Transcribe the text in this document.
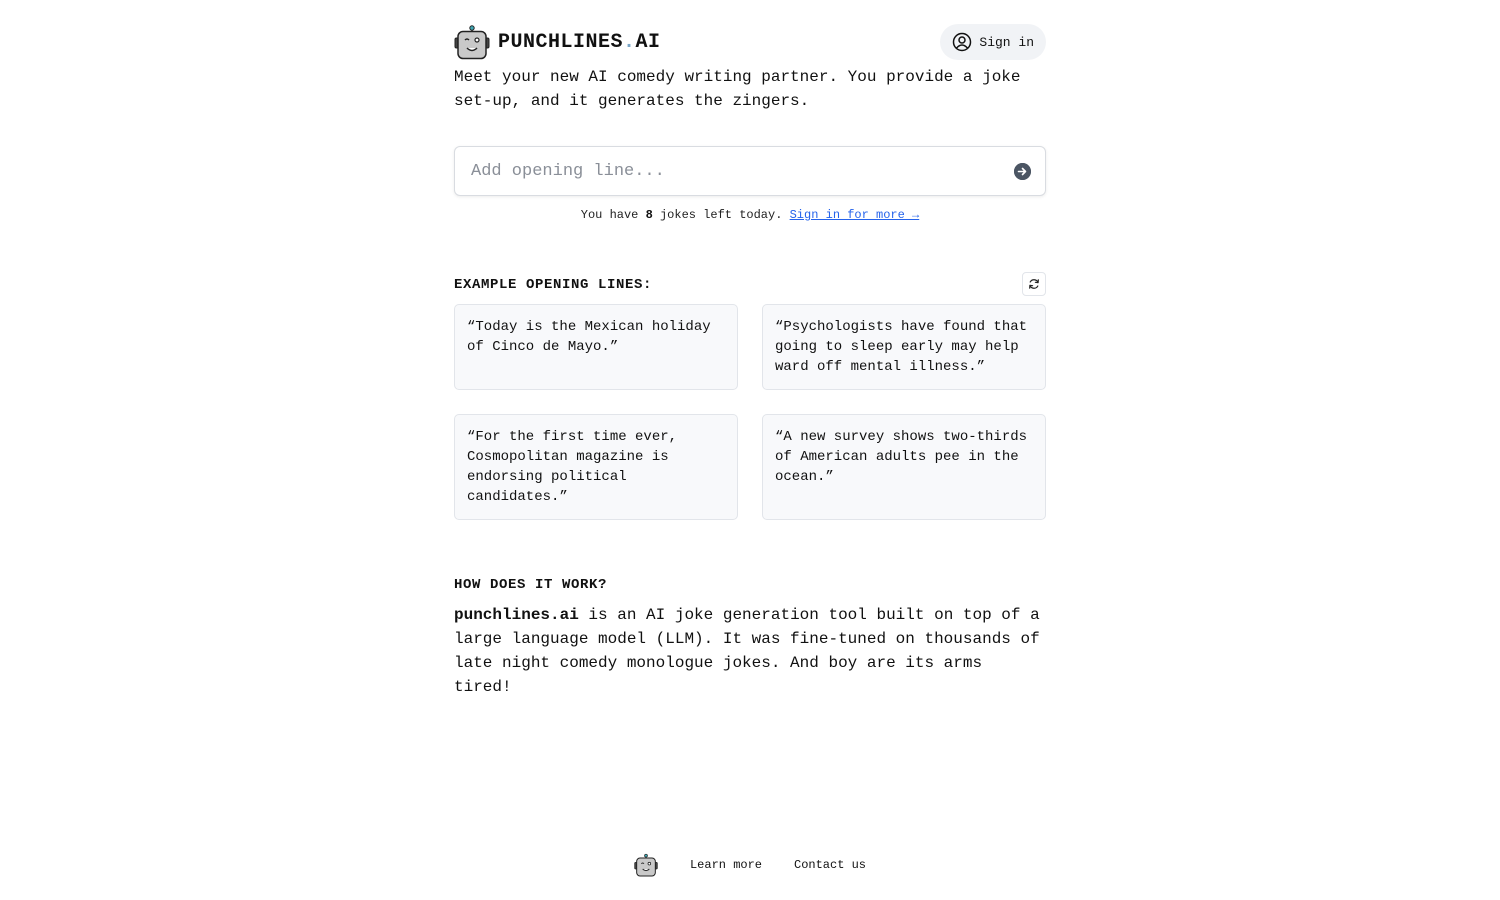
PUNCHLINES.AI	Sign in
Meet your new AI comedy writing partner. You provide a joke set-up, and it generates the zingers.
Add opening line...
You have 8 jokes left today. Sign in for more →
EXAMPLE OPENING LINES:
“Today is the Mexican holiday of Cinco de Mayo.”
“Psychologists have found that going to sleep early may help ward off mental illness.”
“For the first time ever, Cosmopolitan magazine is endorsing political candidates.”
“A new survey shows two-thirds of American adults pee in the ocean.”
HOW DOES IT WORK?
punchlines.ai is an AI joke generation tool built on top of a large language model (LLM). It was fine-tuned on thousands of late night comedy monologue jokes. And boy are its arms tired!
Learn more	Contact us
